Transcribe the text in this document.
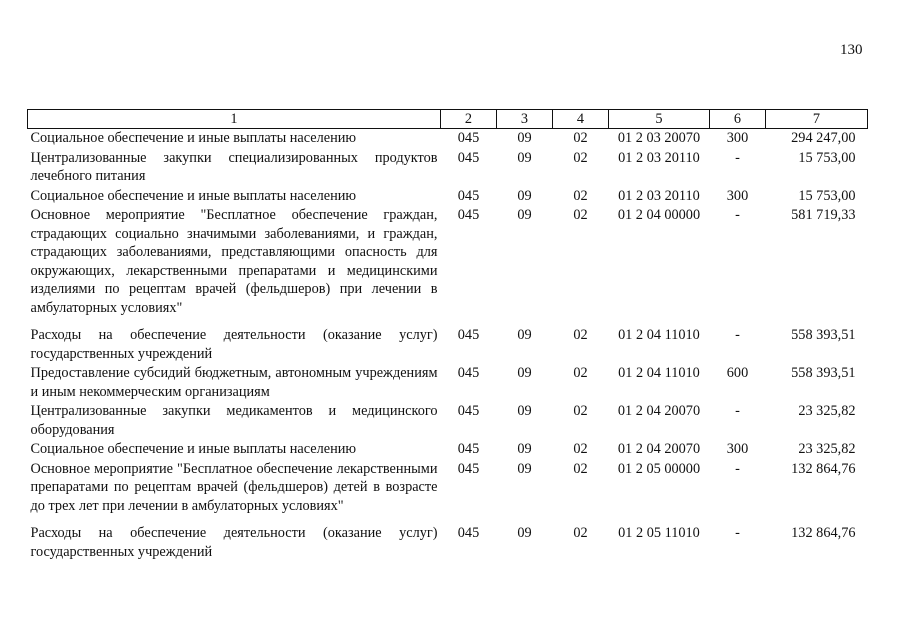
130
1	2	3	4	5	6	7
Социальное обеспечение и иные выплаты населению	045	09	02	01 2 03 20070	300	294 247,00
Централизованные закупки специализированных продуктов лечебного питания	045	09	02	01 2 03 20110	-	15 753,00
Социальное обеспечение и иные выплаты населению	045	09	02	01 2 03 20110	300	15 753,00
Основное мероприятие "Бесплатное обеспечение граждан, страдающих социально значимыми заболеваниями, и граждан, страдающих заболеваниями, представляющими опасность для окружающих, лекарственными препаратами и медицинскими изделиями по рецептам врачей (фельдшеров) при лечении в амбулаторных условиях"	045	09	02	01 2 04 00000	-	581 719,33
Расходы на обеспечение деятельности (оказание услуг) государственных учреждений	045	09	02	01 2 04 11010	-	558 393,51
Предоставление субсидий бюджетным, автономным учреждениям и иным некоммерческим организациям	045	09	02	01 2 04 11010	600	558 393,51
Централизованные закупки медикаментов и медицинского оборудования	045	09	02	01 2 04 20070	-	23 325,82
Социальное обеспечение и иные выплаты населению	045	09	02	01 2 04 20070	300	23 325,82
Основное мероприятие "Бесплатное обеспечение лекарственными препаратами по рецептам врачей (фельдшеров) детей в возрасте до трех лет при лечении в амбулаторных условиях"	045	09	02	01 2 05 00000	-	132 864,76
Расходы на обеспечение деятельности (оказание услуг) государственных учреждений	045	09	02	01 2 05 11010	-	132 864,76
